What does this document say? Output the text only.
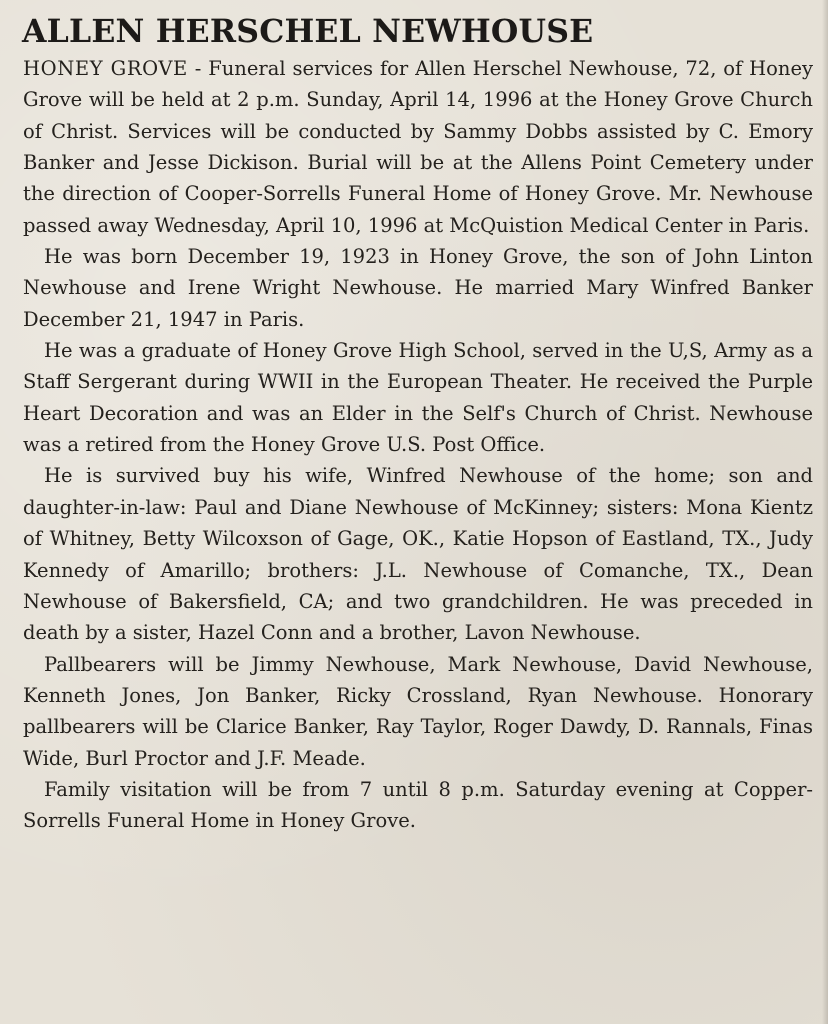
ALLEN HERSCHEL NEWHOUSE

HONEY GROVE - Funeral services for Allen Herschel Newhouse, 72, of Honey Grove will be held at 2 p.m. Sunday, April 14, 1996 at the Honey Grove Church of Christ. Services will be conducted by Sammy Dobbs assisted by C. Emory Banker and Jesse Dickison. Burial will be at the Allens Point Cemetery under the direction of Cooper-Sorrells Funeral Home of Honey Grove. Mr. Newhouse passed away Wednesday, April 10, 1996 at McQuistion Medical Center in Paris.

He was born December 19, 1923 in Honey Grove, the son of John Linton Newhouse and Irene Wright Newhouse. He married Mary Winfred Banker December 21, 1947 in Paris.

He was a graduate of Honey Grove High School, served in the U,S, Army as a Staff Sergerant during WWII in the European Theater. He received the Purple Heart Decoration and was an Elder in the Self's Church of Christ. Newhouse was a retired from the Honey Grove U.S. Post Office.

He is survived buy his wife, Winfred Newhouse of the home; son and daughter-in-law: Paul and Diane Newhouse of McKinney; sisters: Mona Kientz of Whitney, Betty Wilcoxson of Gage, OK., Katie Hopson of Eastland, TX., Judy Kennedy of Amarillo; brothers: J.L. Newhouse of Comanche, TX., Dean Newhouse of Bakersfield, CA; and two grandchildren. He was preceded in death by a sister, Hazel Conn and a brother, Lavon Newhouse.

Pallbearers will be Jimmy Newhouse, Mark Newhouse, David Newhouse, Kenneth Jones, Jon Banker, Ricky Crossland, Ryan Newhouse. Honorary pallbearers will be Clarice Banker, Ray Taylor, Roger Dawdy, D. Rannals, Finas Wide, Burl Proctor and J.F. Meade.

Family visitation will be from 7 until 8 p.m. Saturday evening at Copper-Sorrells Funeral Home in Honey Grove.
